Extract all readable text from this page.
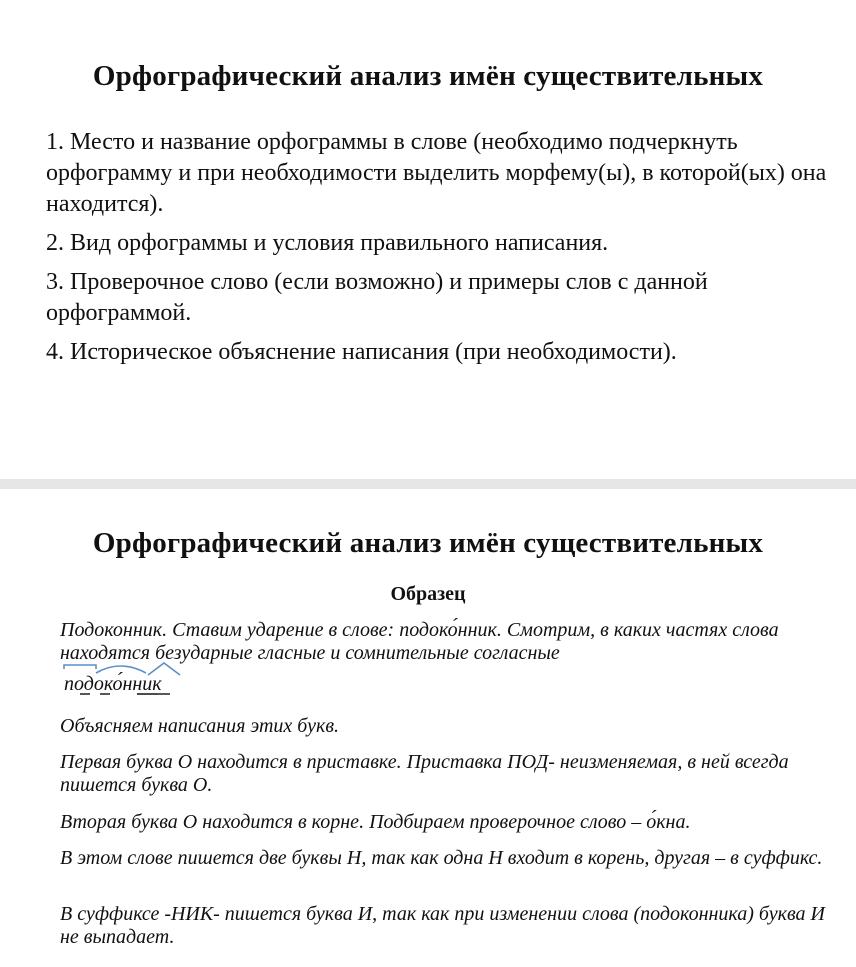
Орфографический анализ имён существительных

1. Место и название орфограммы в слове (необходимо подчеркнуть орфограмму и при необходимости выделить морфему(ы), в которой(ых) она находится).

2. Вид орфограммы и условия правильного написания.

3. Проверочное слово (если возможно) и примеры слов с данной орфограммой.

4. Историческое объяснение написания (при необходимости).

Орфографический анализ имён существительных
Образец

Подоконник. Ставим ударение в слове: подоко́нник. Смотрим, в каких частях слова находятся безударные гласные и сомнительные согласные

подоко́нник

Объясняем написания этих букв.

Первая буква О находится в приставке. Приставка ПОД- неизменяемая, в ней всегда пишется буква О.

Вторая буква О находится в корне. Подбираем проверочное слово – о́кна.

В этом слове пишется две буквы Н, так как одна Н входит в корень, другая – в суффикс.

В суффиксе -НИК- пишется буква И, так как при изменении слова (подоконника) буква И не выпадает.
